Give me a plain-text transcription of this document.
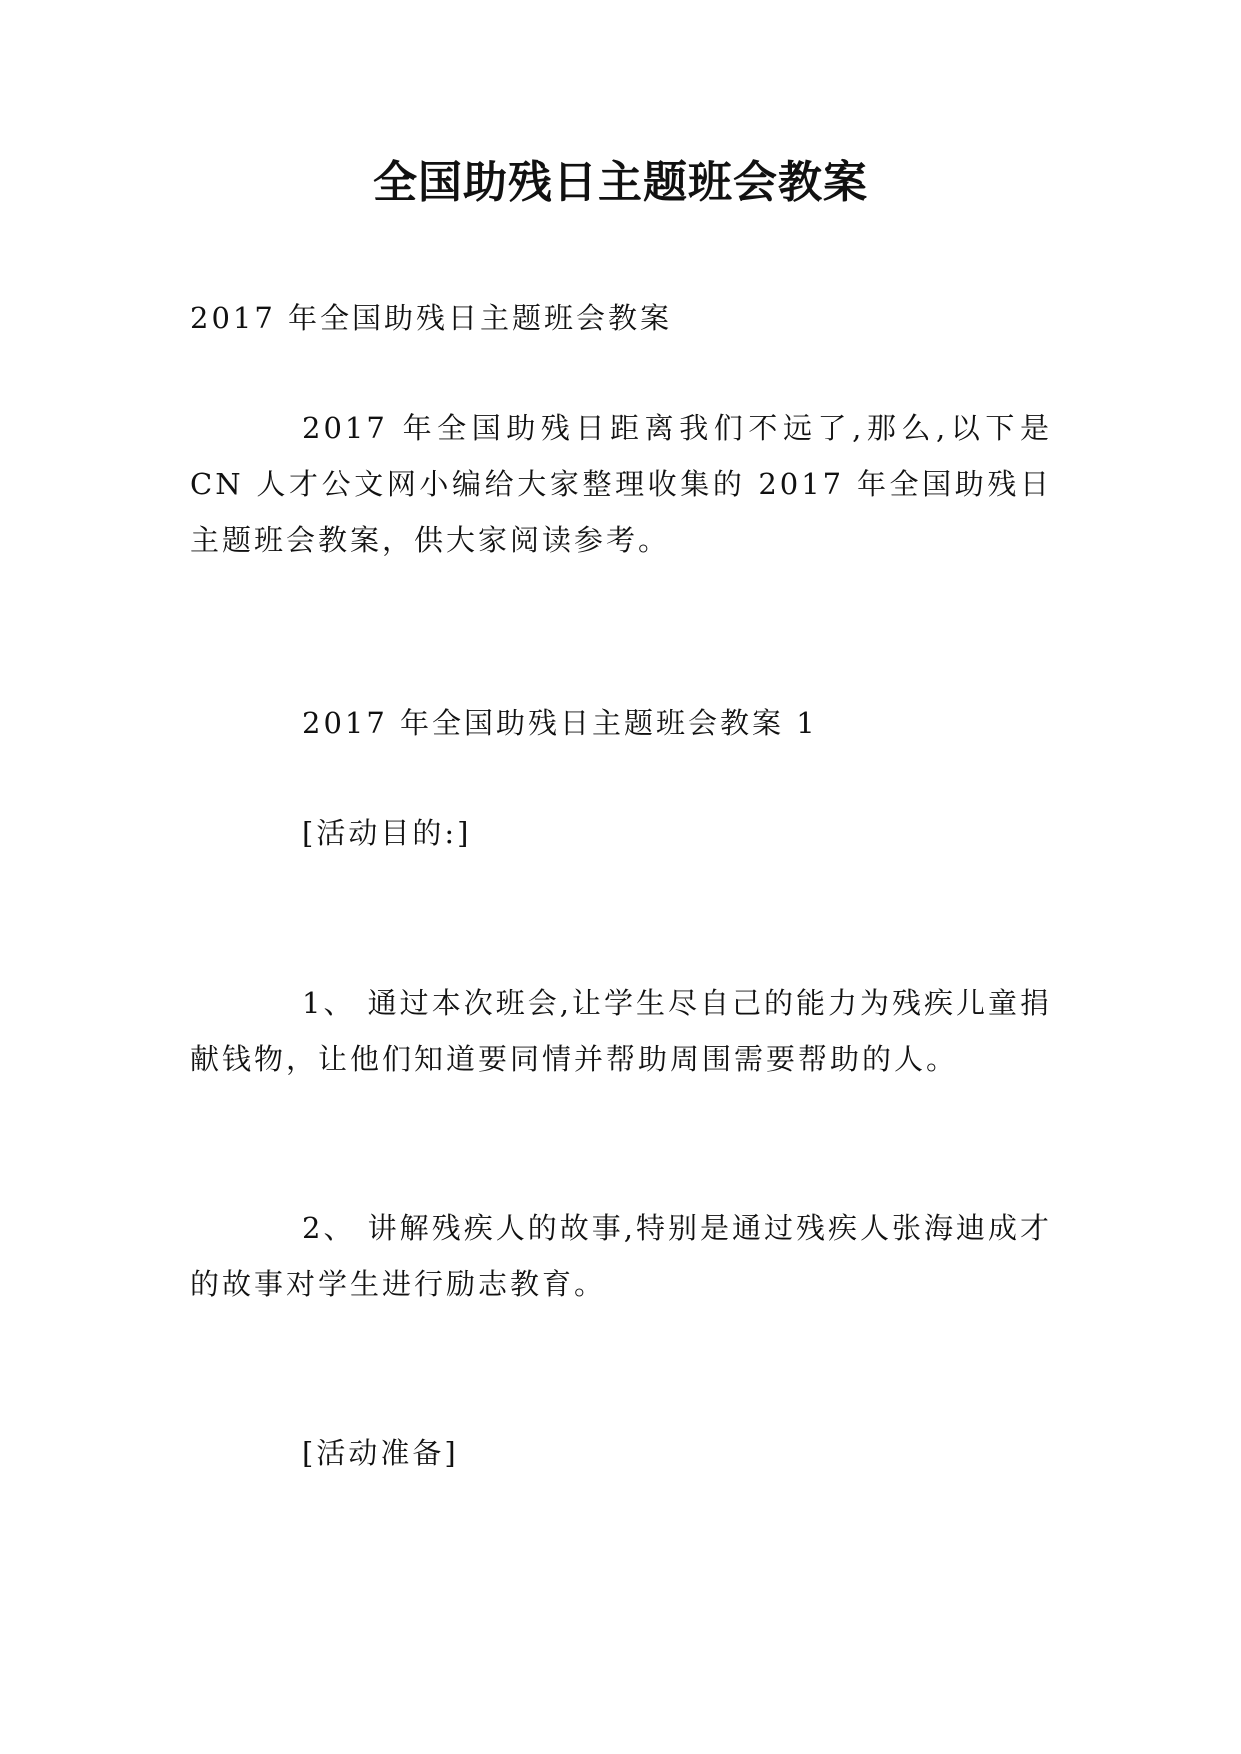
全国助残日主题班会教案
2017 年全国助残日主题班会教案
2017 年全国助残日距离我们不远了,那么,以下是 CN 人才公文网小编给大家整理收集的 2017 年全国助残日主题班会教案，供大家阅读参考。
2017 年全国助残日主题班会教案 1
[活动目的:]
1、 通过本次班会,让学生尽自己的能力为残疾儿童捐献钱物，让他们知道要同情并帮助周围需要帮助的人。
2、 讲解残疾人的故事,特别是通过残疾人张海迪成才的故事对学生进行励志教育。
[活动准备]
